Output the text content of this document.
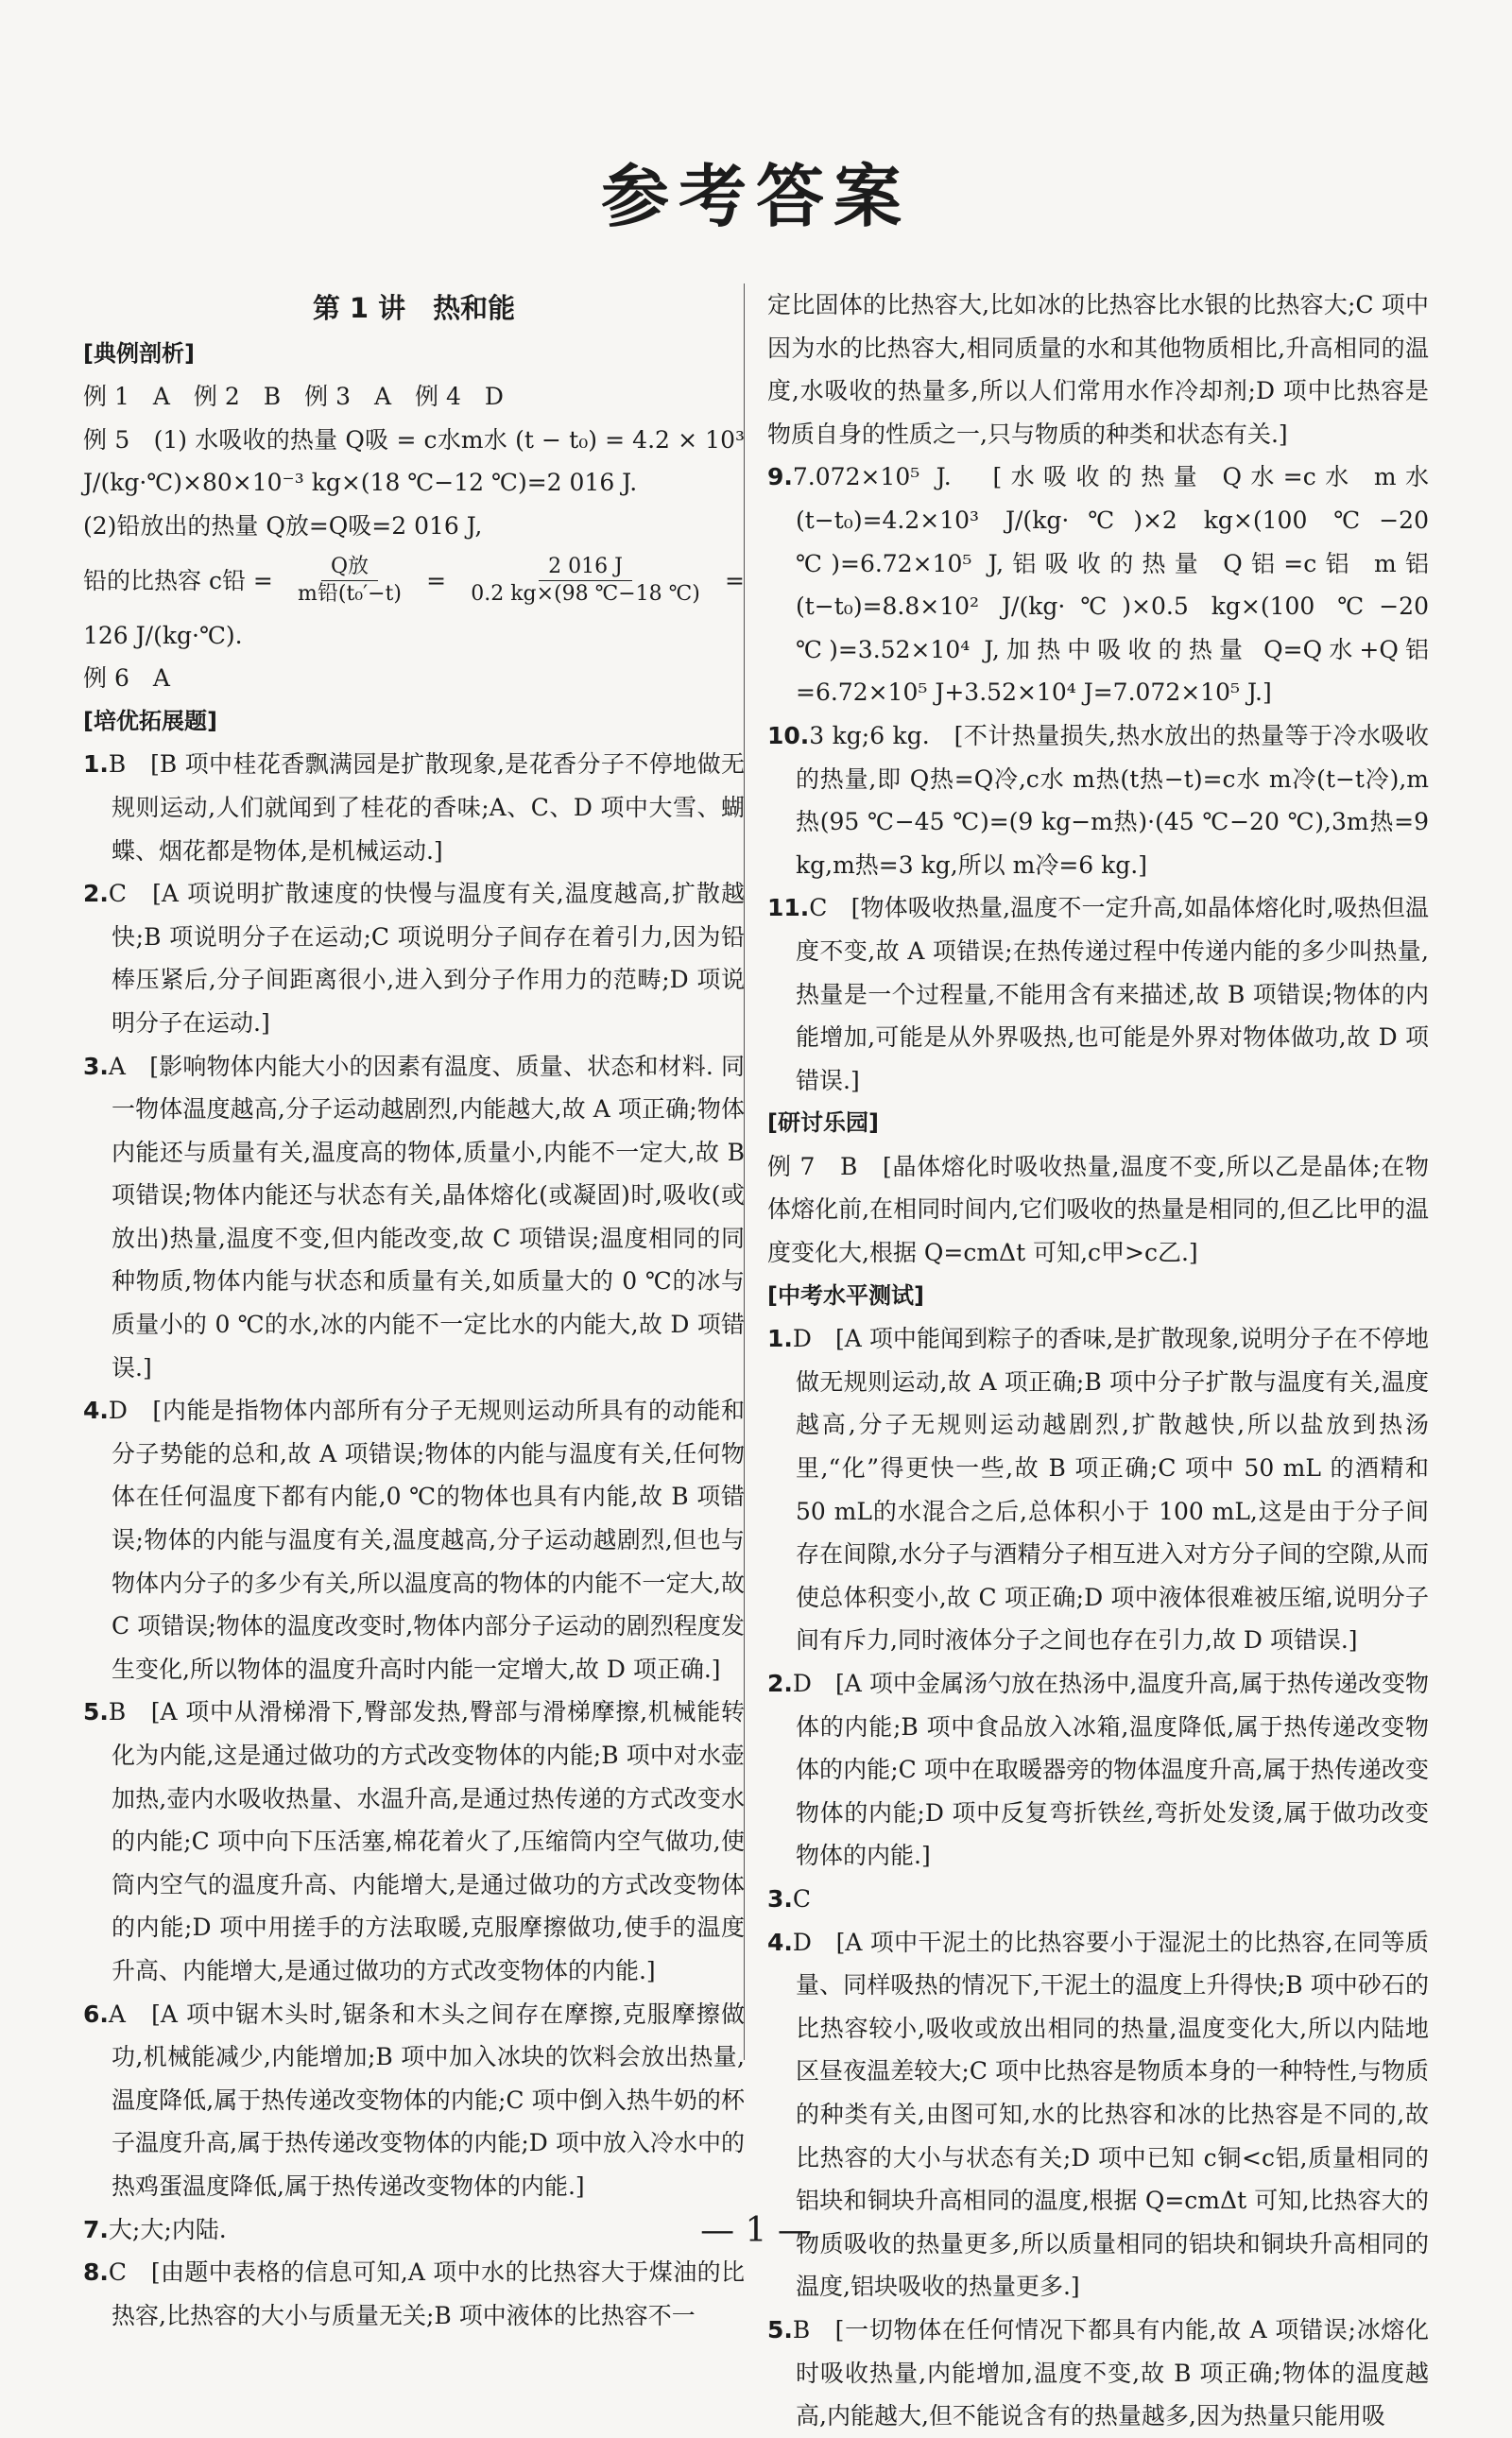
参考答案
第 1 讲　热和能
[典例剖析]
例 1　A　例 2　B　例 3　A　例 4　D
例 5　(1) 水吸收的热量 Q吸 = c水m水 (t − t₀) = 4.2 × 10³ J/(kg·℃)×80×10⁻³ kg×(18 ℃−12 ℃)=2 016 J.
(2)铅放出的热量 Q放=Q吸=2 016 J,
铅的比热容 c铅 = $\frac{\text{Q放}}{\text{m铅(t₀′−t)}} = \frac{2 016 J}{0.2 kg\times(98 ℃-18 ℃)}$ =
126 J/(kg·℃).
例 6　A
[培优拓展题]
1.B　[B 项中桂花香飘满园是扩散现象,是花香分子不停地做无规则运动,人们就闻到了桂花的香味;A、C、D 项中大雪、蝴蝶、烟花都是物体,是机械运动.]
2.C　[A 项说明扩散速度的快慢与温度有关,温度越高,扩散越快;B 项说明分子在运动;C 项说明分子间存在着引力,因为铅棒压紧后,分子间距离很小,进入到分子作用力的范畴;D 项说明分子在运动.]
3.A　[影响物体内能大小的因素有温度、质量、状态和材料. 同一物体温度越高,分子运动越剧烈,内能越大,故 A 项正确;物体内能还与质量有关,温度高的物体,质量小,内能不一定大,故 B 项错误;物体内能还与状态有关,晶体熔化(或凝固)时,吸收(或放出)热量,温度不变,但内能改变,故 C 项错误;温度相同的同种物质,物体内能与状态和质量有关,如质量大的 0 ℃的冰与质量小的 0 ℃的水,冰的内能不一定比水的内能大,故 D 项错误.]
4.D　[内能是指物体内部所有分子无规则运动所具有的动能和分子势能的总和,故 A 项错误;物体的内能与温度有关,任何物体在任何温度下都有内能,0 ℃的物体也具有内能,故 B 项错误;物体的内能与温度有关,温度越高,分子运动越剧烈,但也与物体内分子的多少有关,所以温度高的物体的内能不一定大,故 C 项错误;物体的温度改变时,物体内部分子运动的剧烈程度发生变化,所以物体的温度升高时内能一定增大,故 D 项正确.]
5.B　[A 项中从滑梯滑下,臀部发热,臀部与滑梯摩擦,机械能转化为内能,这是通过做功的方式改变物体的内能;B 项中对水壶加热,壶内水吸收热量、水温升高,是通过热传递的方式改变水的内能;C 项中向下压活塞,棉花着火了,压缩筒内空气做功,使筒内空气的温度升高、内能增大,是通过做功的方式改变物体的内能;D 项中用搓手的方法取暖,克服摩擦做功,使手的温度升高、内能增大,是通过做功的方式改变物体的内能.]
6.A　[A 项中锯木头时,锯条和木头之间存在摩擦,克服摩擦做功,机械能减少,内能增加;B 项中加入冰块的饮料会放出热量,温度降低,属于热传递改变物体的内能;C 项中倒入热牛奶的杯子温度升高,属于热传递改变物体的内能;D 项中放入冷水中的热鸡蛋温度降低,属于热传递改变物体的内能.]
7.大;大;内陆.
8.C　[由题中表格的信息可知,A 项中水的比热容大于煤油的比热容,比热容的大小与质量无关;B 项中液体的比热容不一
定比固体的比热容大,比如冰的比热容比水银的比热容大;C 项中因为水的比热容大,相同质量的水和其他物质相比,升高相同的温度,水吸收的热量多,所以人们常用水作冷却剂;D 项中比热容是物质自身的性质之一,只与物质的种类和状态有关.]
9.7.072×10⁵ J.　[水吸收的热量 Q水=c水 m水(t−t₀)=4.2×10³ J/(kg·℃)×2 kg×(100 ℃−20 ℃)=6.72×10⁵ J,铝吸收的热量 Q铝=c铝 m铝(t−t₀)=8.8×10² J/(kg·℃)×0.5 kg×(100 ℃−20 ℃)=3.52×10⁴ J,加热中吸收的热量 Q=Q水+Q铝=6.72×10⁵ J+3.52×10⁴ J=7.072×10⁵ J.]
10.3 kg;6 kg.　[不计热量损失,热水放出的热量等于冷水吸收的热量,即 Q热=Q冷,c水 m热(t热−t)=c水 m冷(t−t冷),m热(95 ℃−45 ℃)=(9 kg−m热)·(45 ℃−20 ℃),3m热=9 kg,m热=3 kg,所以 m冷=6 kg.]
11.C　[物体吸收热量,温度不一定升高,如晶体熔化时,吸热但温度不变,故 A 项错误;在热传递过程中传递内能的多少叫热量,热量是一个过程量,不能用含有来描述,故 B 项错误;物体的内能增加,可能是从外界吸热,也可能是外界对物体做功,故 D 项错误.]
[研讨乐园]
例 7　B　[晶体熔化时吸收热量,温度不变,所以乙是晶体;在物体熔化前,在相同时间内,它们吸收的热量是相同的,但乙比甲的温度变化大,根据 Q=cmΔt 可知,c甲>c乙.]
[中考水平测试]
1.D　[A 项中能闻到粽子的香味,是扩散现象,说明分子在不停地做无规则运动,故 A 项正确;B 项中分子扩散与温度有关,温度越高,分子无规则运动越剧烈,扩散越快,所以盐放到热汤里,“化”得更快一些,故 B 项正确;C 项中 50 mL 的酒精和 50 mL的水混合之后,总体积小于 100 mL,这是由于分子间存在间隙,水分子与酒精分子相互进入对方分子间的空隙,从而使总体积变小,故 C 项正确;D 项中液体很难被压缩,说明分子间有斥力,同时液体分子之间也存在引力,故 D 项错误.]
2.D　[A 项中金属汤勺放在热汤中,温度升高,属于热传递改变物体的内能;B 项中食品放入冰箱,温度降低,属于热传递改变物体的内能;C 项中在取暖器旁的物体温度升高,属于热传递改变物体的内能;D 项中反复弯折铁丝,弯折处发烫,属于做功改变物体的内能.]
3.C
4.D　[A 项中干泥土的比热容要小于湿泥土的比热容,在同等质量、同样吸热的情况下,干泥土的温度上升得快;B 项中砂石的比热容较小,吸收或放出相同的热量,温度变化大,所以内陆地区昼夜温差较大;C 项中比热容是物质本身的一种特性,与物质的种类有关,由图可知,水的比热容和冰的比热容是不同的,故比热容的大小与状态有关;D 项中已知 c铜<c铝,质量相同的铝块和铜块升高相同的温度,根据 Q=cmΔt 可知,比热容大的物质吸收的热量更多,所以质量相同的铝块和铜块升高相同的温度,铝块吸收的热量更多.]
5.B　[一切物体在任何情况下都具有内能,故 A 项错误;冰熔化时吸收热量,内能增加,温度不变,故 B 项正确;物体的温度越高,内能越大,但不能说含有的热量越多,因为热量只能用吸
— 1 —
